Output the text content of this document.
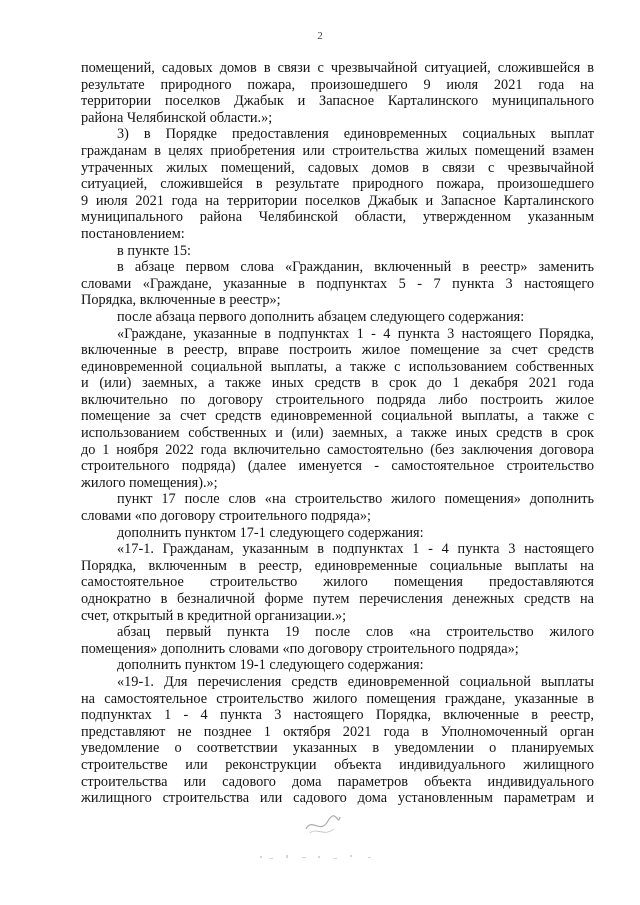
2
помещений, садовых домов в связи с чрезвычайной ситуацией, сложившейся в
результате природного пожара, произошедшего 9 июля 2021 года на
территории поселков Джабык и Запасное Карталинского муниципального
района Челябинской области.»;
3) в Порядке предоставления единовременных социальных выплат
гражданам в целях приобретения или строительства жилых помещений взамен
утраченных жилых помещений, садовых домов в связи с чрезвычайной
ситуацией, сложившейся в результате природного пожара, произошедшего
9 июля 2021 года на территории поселков Джабык и Запасное Карталинского
муниципального района Челябинской области, утвержденном указанным
постановлением:
в пункте 15:
в абзаце первом слова «Гражданин, включенный в реестр» заменить
словами «Граждане, указанные в подпунктах 5 - 7 пункта 3 настоящего
Порядка, включенные в реестр»;
после абзаца первого дополнить абзацем следующего содержания:
«Граждане, указанные в подпунктах 1 - 4 пункта 3 настоящего Порядка,
включенные в реестр, вправе построить жилое помещение за счет средств
единовременной социальной выплаты, а также с использованием собственных
и (или) заемных, а также иных средств в срок до 1 декабря 2021 года
включительно по договору строительного подряда либо построить жилое
помещение за счет средств единовременной социальной выплаты, а также с
использованием собственных и (или) заемных, а также иных средств в срок
до 1 ноября 2022 года включительно самостоятельно (без заключения договора
строительного подряда) (далее именуется - самостоятельное строительство
жилого помещения).»;
пункт 17 после слов «на строительство жилого помещения» дополнить
словами «по договору строительного подряда»;
дополнить пунктом 17-1 следующего содержания:
«17-1. Гражданам, указанным в подпунктах 1 - 4 пункта 3 настоящего
Порядка, включенным в реестр, единовременные социальные выплаты на
самостоятельное строительство жилого помещения предоставляются
однократно в безналичной форме путем перечисления денежных средств на
счет, открытый в кредитной организации.»;
абзац первый пункта 19 после слов «на строительство жилого
помещения» дополнить словами «по договору строительного подряда»;
дополнить пунктом 19-1 следующего содержания:
«19-1. Для перечисления средств единовременной социальной выплаты
на самостоятельное строительство жилого помещения граждане, указанные в
подпунктах 1 - 4 пункта 3 настоящего Порядка, включенные в реестр,
представляют не позднее 1 октября 2021 года в Уполномоченный орган
уведомление о соответствии указанных в уведомлении о планируемых
строительстве или реконструкции объекта индивидуального жилищного
строительства или садового дома параметров объекта индивидуального
жилищного строительства или садового дома установленным параметрам и
